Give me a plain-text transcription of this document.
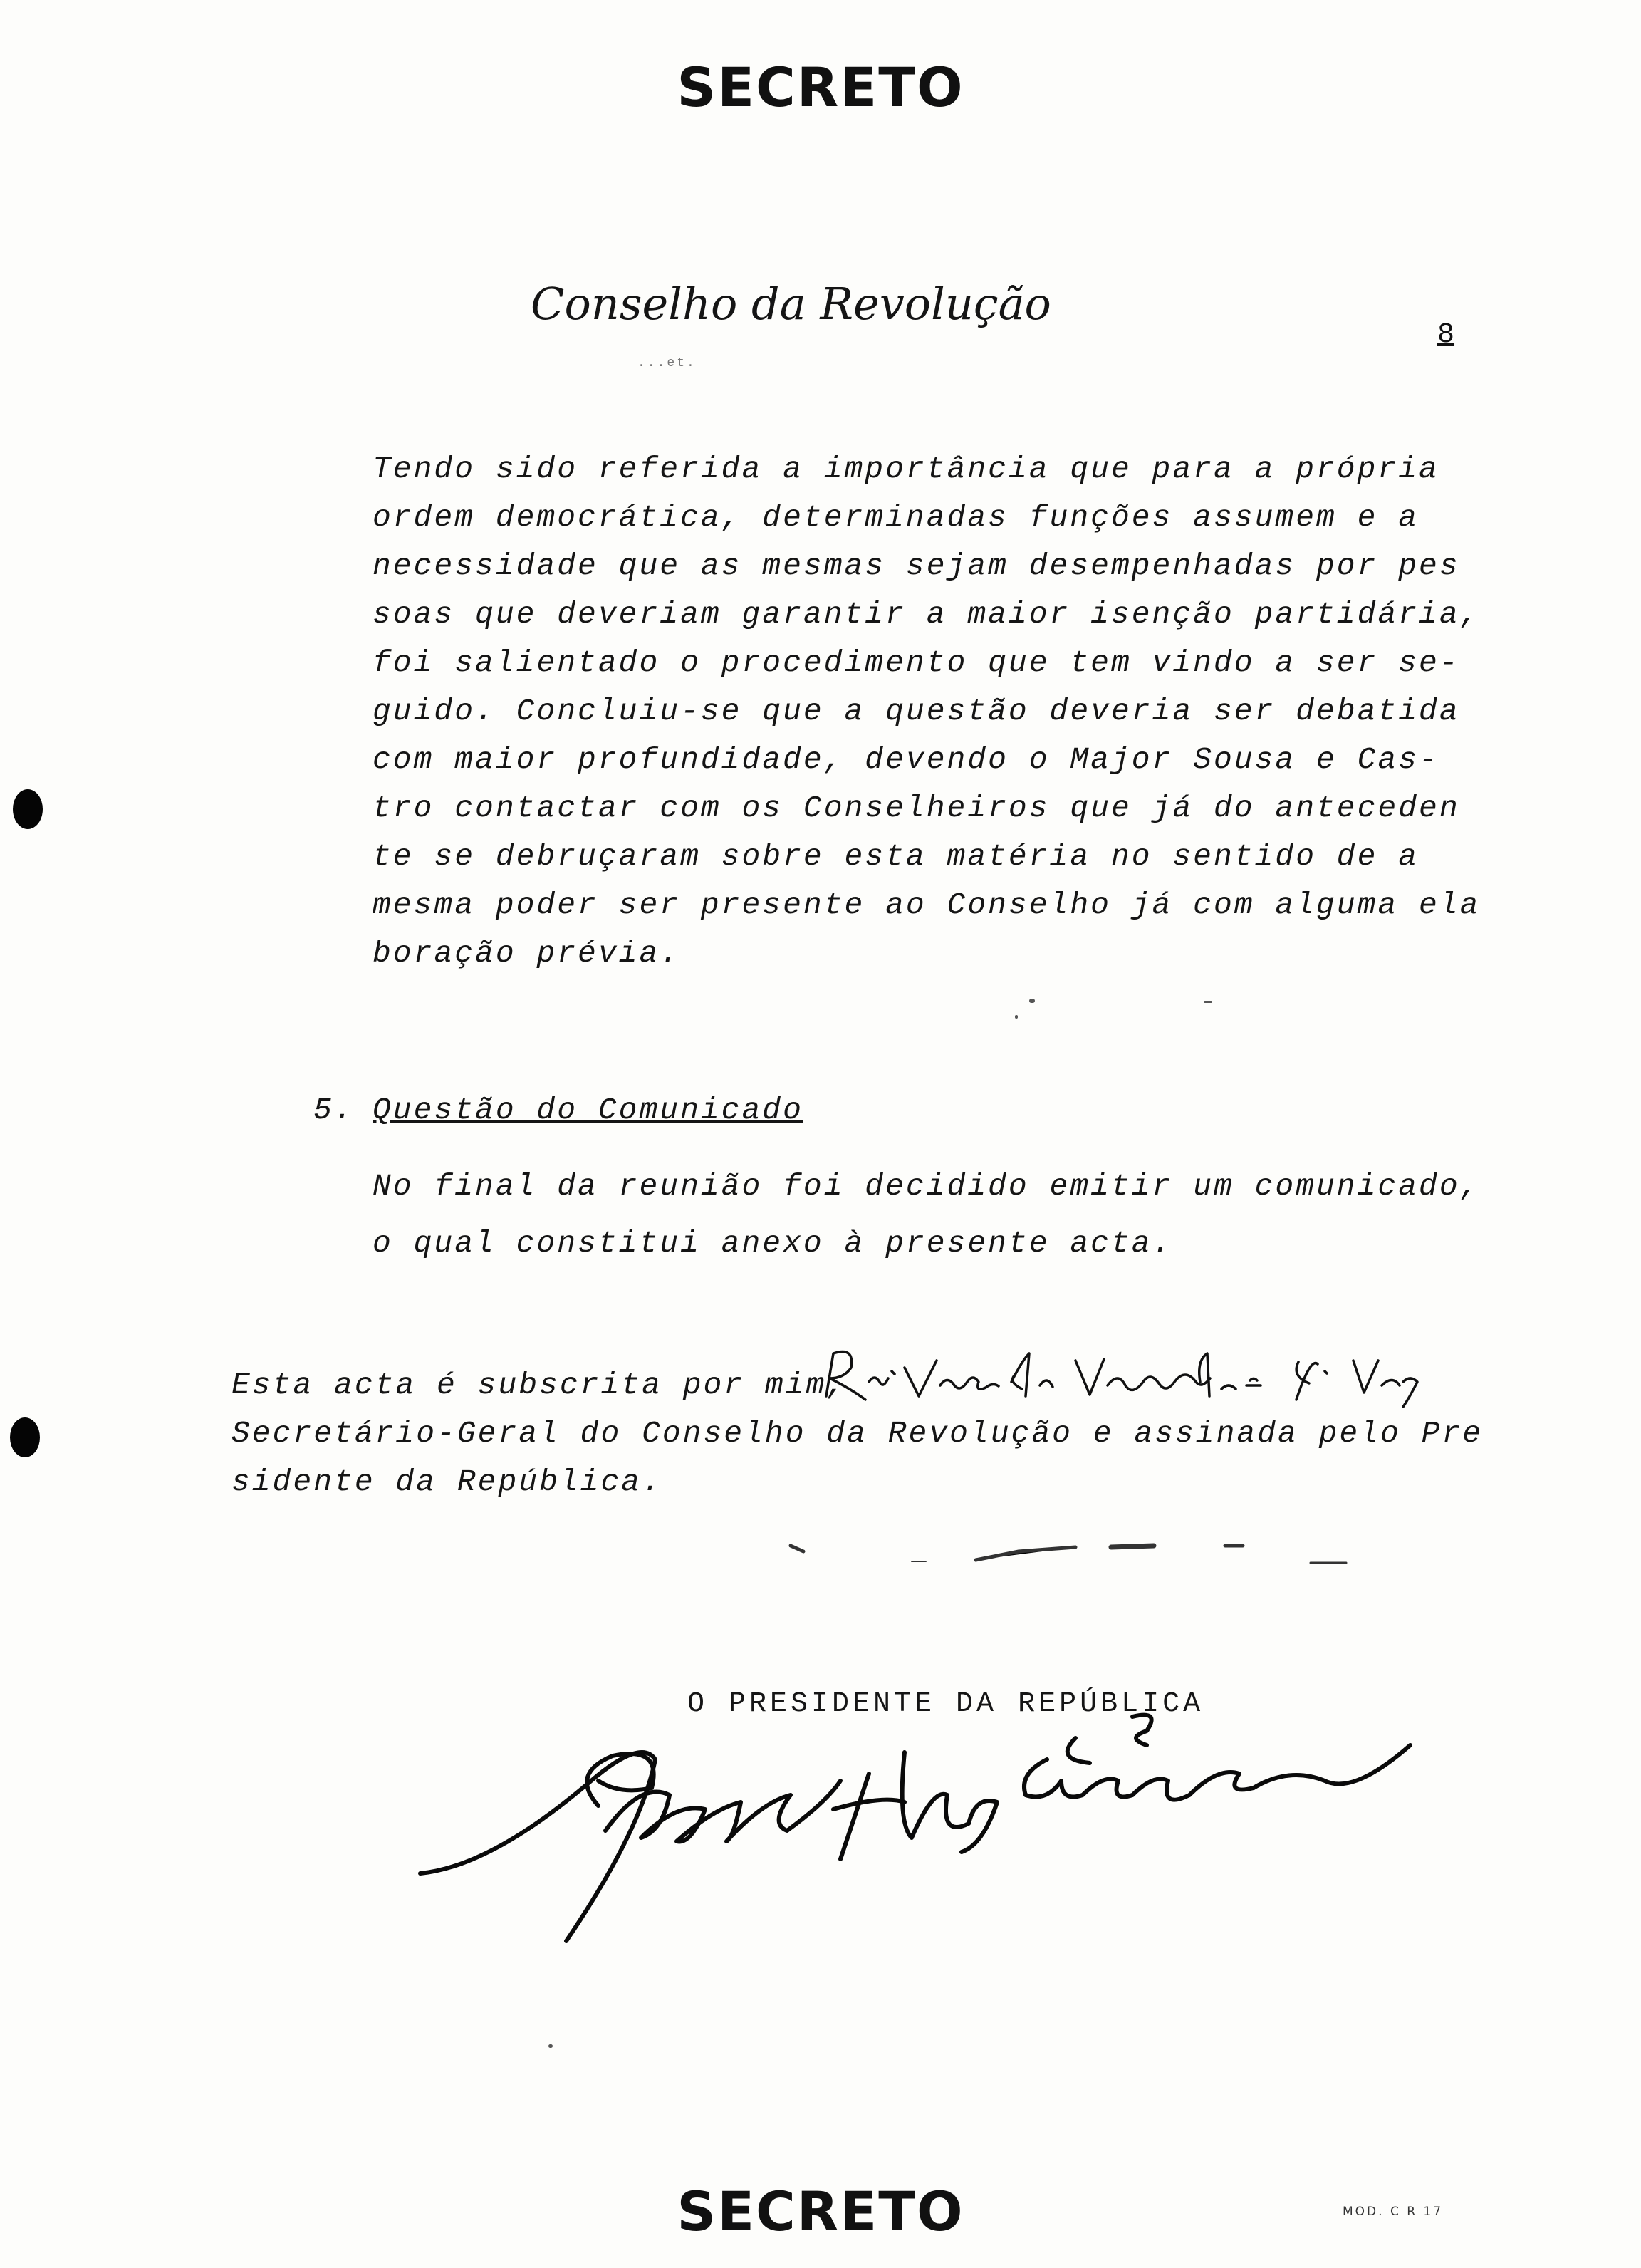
SECRETO
Conselho da Revolução
...et.
8
Tendo sido referida a importância que para a própria
ordem democrática, determinadas funções assumem e a
necessidade que as mesmas sejam desempenhadas por pes
soas que deveriam garantir a maior isenção partidária,
foi salientado o procedimento que tem vindo a ser se-
guido. Concluiu-se que a questão deveria ser debatida
com maior profundidade, devendo o Major Sousa e Cas-
tro contactar com os Conselheiros que já do anteceden
te se debruçaram sobre esta matéria no sentido de a
mesma poder ser presente ao Conselho já com alguma ela
boração prévia.
5. Questão do Comunicado
No final da reunião foi decidido emitir um comunicado,
o qual constitui anexo à presente acta.
Esta acta é subscrita por mim,
Secretário-Geral do Conselho da Revolução e assinada pelo Pre
sidente da República.
O PRESIDENTE DA REPÚBLICA
SECRETO	MOD. C R 17
